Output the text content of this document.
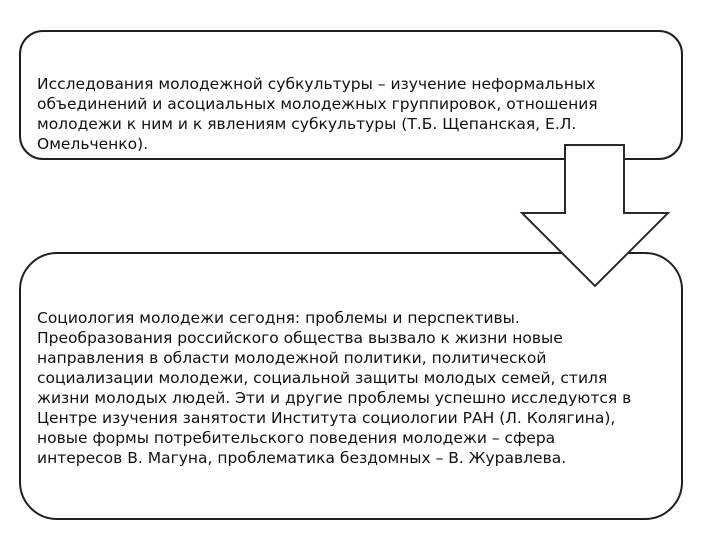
Исследования молодежной субкультуры – изучение неформальных
объединений и асоциальных молодежных группировок, отношения
молодежи к ним и к явлениям субкультуры (Т.Б. Щепанская, Е.Л.
Омельченко).

Социология молодежи сегодня: проблемы и перспективы.
Преобразования российского общества вызвало к жизни новые
направления в области молодежной политики, политической
социализации молодежи, социальной защиты молодых семей, стиля
жизни молодых людей. Эти и другие проблемы успешно исследуются в
Центре изучения занятости Института социологии РАН (Л. Колягина),
новые формы потребительского поведения молодежи – сфера
интересов В. Магуна, проблематика бездомных – В. Журавлева.
